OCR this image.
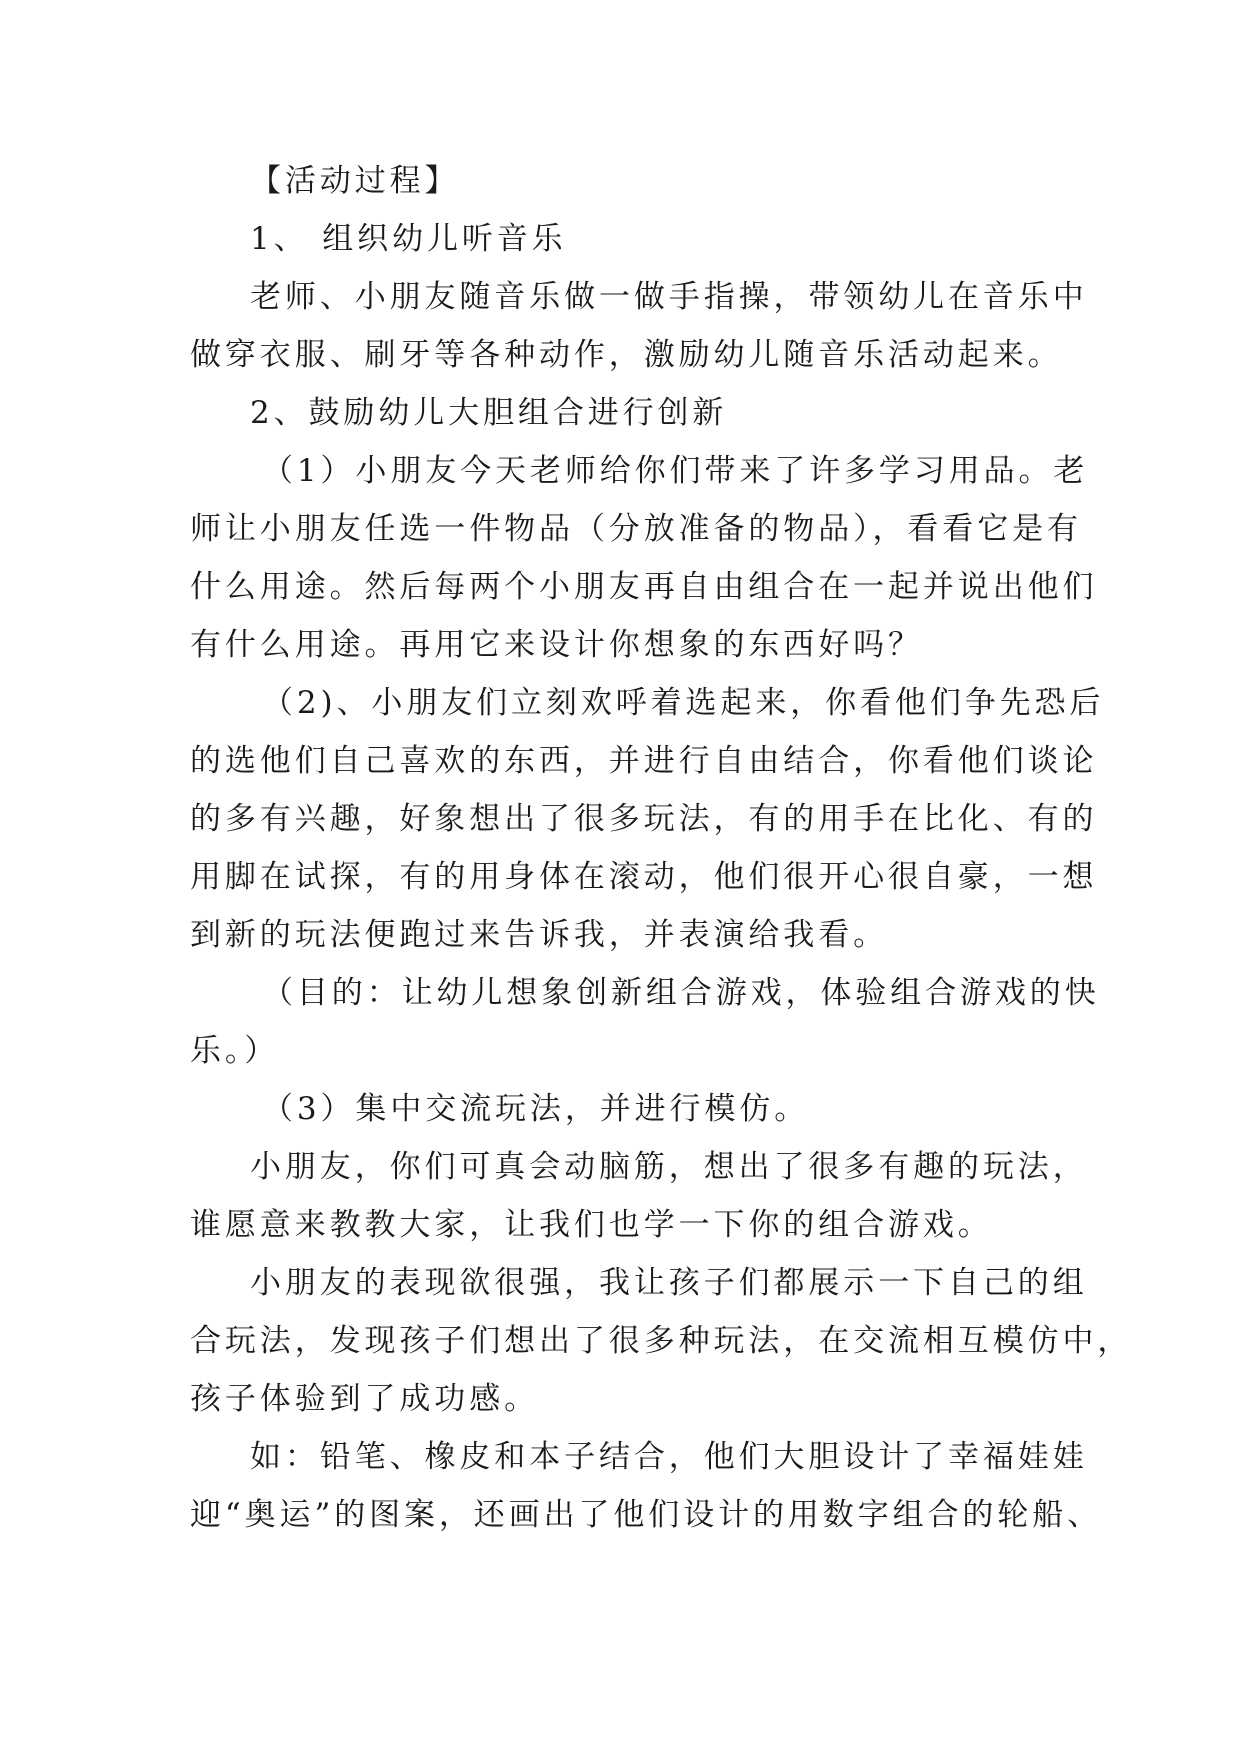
【活动过程】
1、 组织幼儿听音乐
老师、小朋友随音乐做一做手指操，带领幼儿在音乐中
做穿衣服、刷牙等各种动作，激励幼儿随音乐活动起来。
2、鼓励幼儿大胆组合进行创新
（1）小朋友今天老师给你们带来了许多学习用品。老
师让小朋友任选一件物品（分放准备的物品），看看它是有
什么用途。然后每两个小朋友再自由组合在一起并说出他们
有什么用途。再用它来设计你想象的东西好吗？
（2)、小朋友们立刻欢呼着选起来，你看他们争先恐后
的选他们自己喜欢的东西，并进行自由结合，你看他们谈论
的多有兴趣，好象想出了很多玩法，有的用手在比化、有的
用脚在试探，有的用身体在滚动，他们很开心很自豪，一想
到新的玩法便跑过来告诉我，并表演给我看。
（目的：让幼儿想象创新组合游戏，体验组合游戏的快
乐。）
（3）集中交流玩法，并进行模仿。
小朋友，你们可真会动脑筋，想出了很多有趣的玩法，
谁愿意来教教大家，让我们也学一下你的组合游戏。
小朋友的表现欲很强，我让孩子们都展示一下自己的组
合玩法，发现孩子们想出了很多种玩法，在交流相互模仿中，
孩子体验到了成功感。
如：铅笔、橡皮和本子结合，他们大胆设计了幸福娃娃
迎“奥运”的图案，还画出了他们设计的用数字组合的轮船、
